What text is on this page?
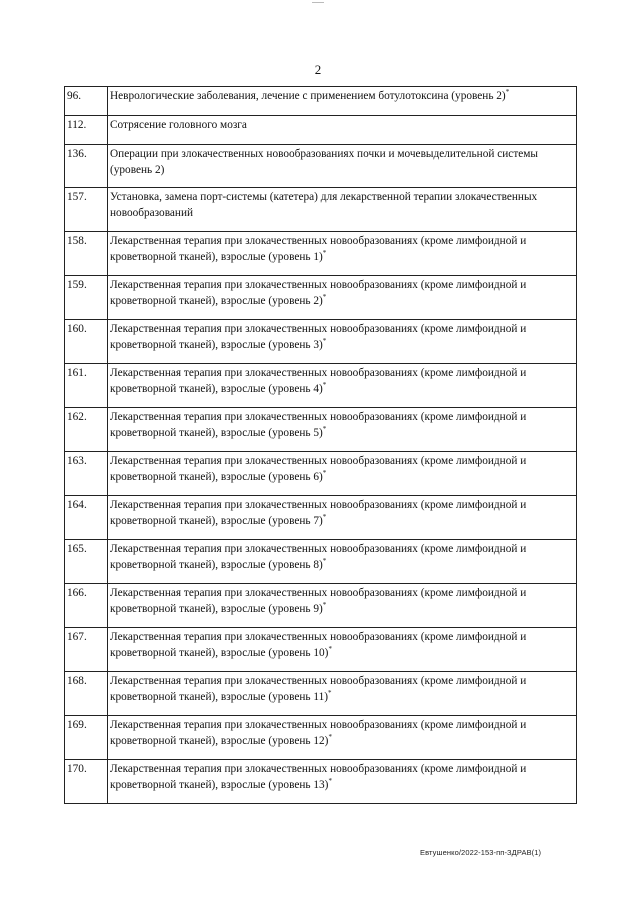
2
96.	Неврологические заболевания, лечение с применением ботулотоксина (уровень 2)*
112.	Сотрясение головного мозга
136.	Операции при злокачественных новообразованиях почки и мочевыделительной системы (уровень 2)
157.	Установка, замена порт-системы (катетера) для лекарственной терапии злокачественных новообразований
158.	Лекарственная терапия при злокачественных новообразованиях (кроме лимфоидной и кроветворной тканей), взрослые (уровень 1)*
159.	Лекарственная терапия при злокачественных новообразованиях (кроме лимфоидной и кроветворной тканей), взрослые (уровень 2)*
160.	Лекарственная терапия при злокачественных новообразованиях (кроме лимфоидной и кроветворной тканей), взрослые (уровень 3)*
161.	Лекарственная терапия при злокачественных новообразованиях (кроме лимфоидной и кроветворной тканей), взрослые (уровень 4)*
162.	Лекарственная терапия при злокачественных новообразованиях (кроме лимфоидной и кроветворной тканей), взрослые (уровень 5)*
163.	Лекарственная терапия при злокачественных новообразованиях (кроме лимфоидной и кроветворной тканей), взрослые (уровень 6)*
164.	Лекарственная терапия при злокачественных новообразованиях (кроме лимфоидной и кроветворной тканей), взрослые (уровень 7)*
165.	Лекарственная терапия при злокачественных новообразованиях (кроме лимфоидной и кроветворной тканей), взрослые (уровень 8)*
166.	Лекарственная терапия при злокачественных новообразованиях (кроме лимфоидной и кроветворной тканей), взрослые (уровень 9)*
167.	Лекарственная терапия при злокачественных новообразованиях (кроме лимфоидной и кроветворной тканей), взрослые (уровень 10)*
168.	Лекарственная терапия при злокачественных новообразованиях (кроме лимфоидной и кроветворной тканей), взрослые (уровень 11)*
169.	Лекарственная терапия при злокачественных новообразованиях (кроме лимфоидной и кроветворной тканей), взрослые (уровень 12)*
170.	Лекарственная терапия при злокачественных новообразованиях (кроме лимфоидной и кроветворной тканей), взрослые (уровень 13)*
Евтушенко/2022-153-пп-ЗДРАВ(1)
